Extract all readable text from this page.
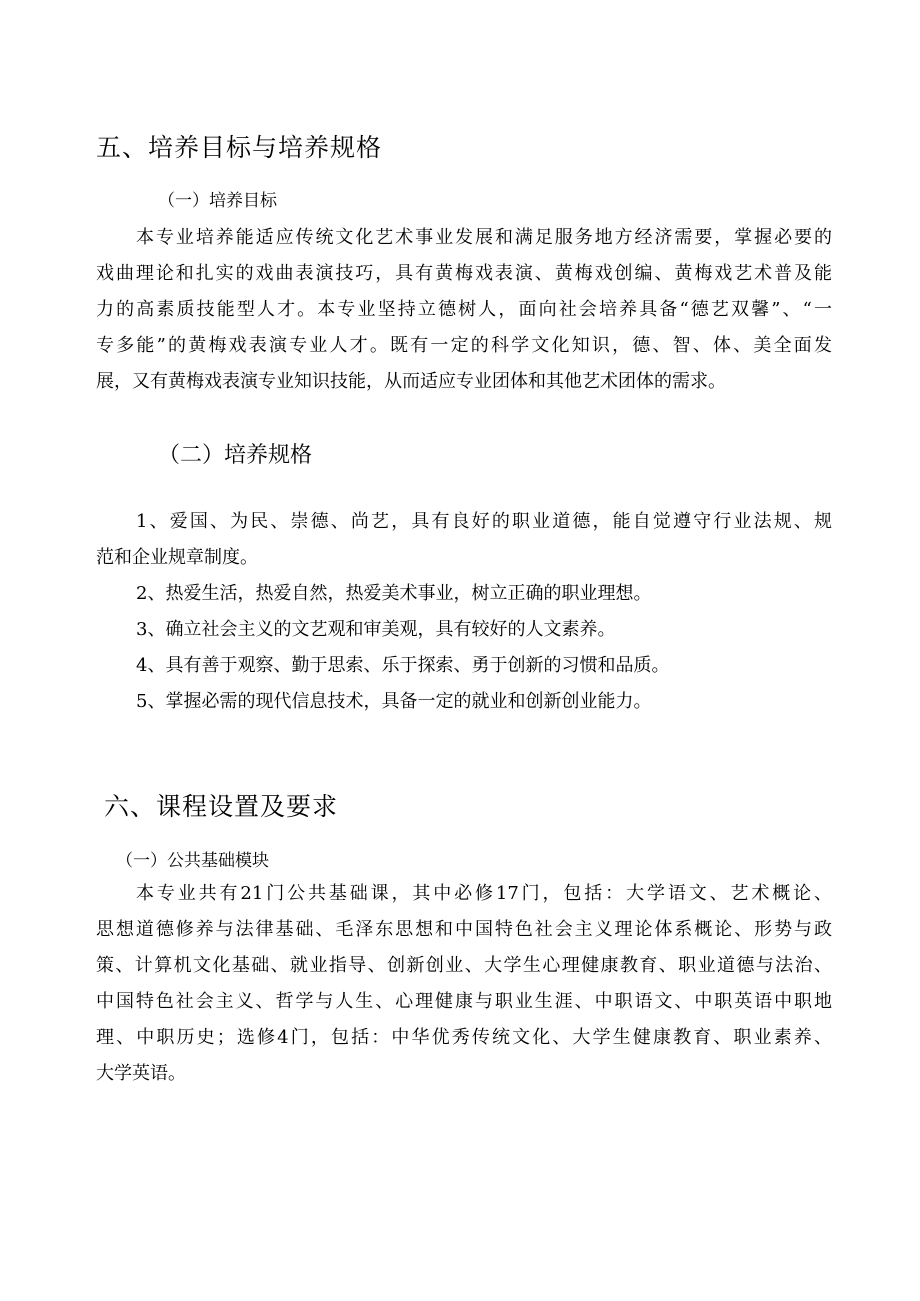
五、培养目标与培养规格
（一）培养目标
本专业培养能适应传统文化艺术事业发展和满足服务地方经济需要，掌握必要的
戏曲理论和扎实的戏曲表演技巧，具有黄梅戏表演、黄梅戏创编、黄梅戏艺术普及能
力的高素质技能型人才。本专业坚持立德树人，面向社会培养具备“德艺双馨”、“一
专多能”的黄梅戏表演专业人才。既有一定的科学文化知识，德、智、体、美全面发
展，又有黄梅戏表演专业知识技能，从而适应专业团体和其他艺术团体的需求。
（二）培养规格
1、爱国、为民、崇德、尚艺，具有良好的职业道德，能自觉遵守行业法规、规
范和企业规章制度。
2、热爱生活，热爱自然，热爱美术事业，树立正确的职业理想。
3、确立社会主义的文艺观和审美观，具有较好的人文素养。
4、具有善于观察、勤于思索、乐于探索、勇于创新的习惯和品质。
5、掌握必需的现代信息技术，具备一定的就业和创新创业能力。
六、课程设置及要求
（一）公共基础模块
本专业共有21门公共基础课，其中必修17门，包括：大学语文、艺术概论、
思想道德修养与法律基础、毛泽东思想和中国特色社会主义理论体系概论、形势与政
策、计算机文化基础、就业指导、创新创业、大学生心理健康教育、职业道德与法治、
中国特色社会主义、哲学与人生、心理健康与职业生涯、中职语文、中职英语中职地
理、中职历史；选修4门，包括：中华优秀传统文化、大学生健康教育、职业素养、
大学英语。
